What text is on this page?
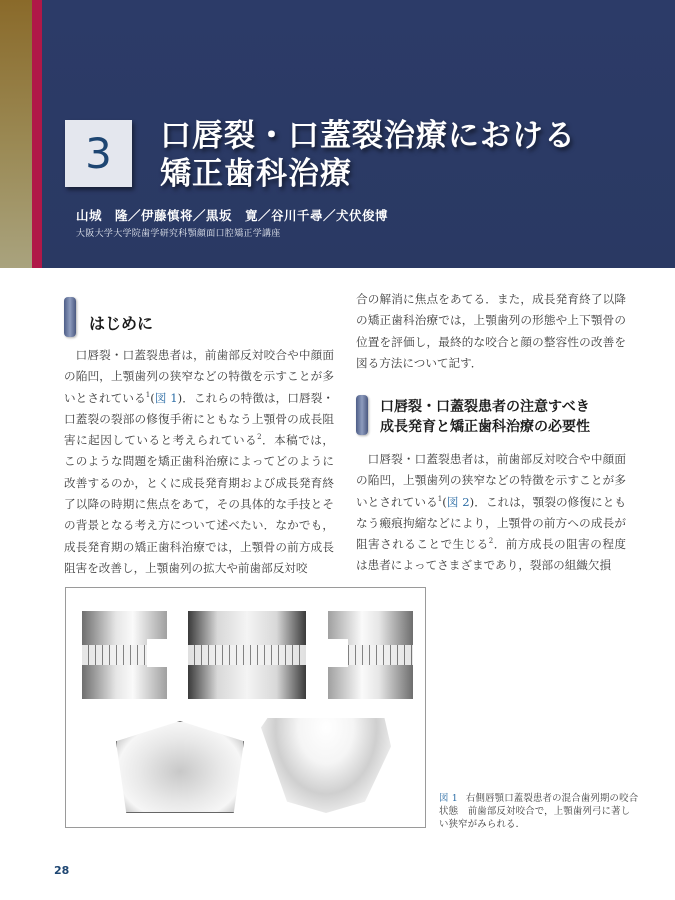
3 口唇裂・口蓋裂治療における
矯正歯科治療
山城　隆／伊藤慎将／黒坂　寛／谷川千尋／犬伏俊博
大阪大学大学院歯学研究科顎顔面口腔矯正学講座
はじめに

口唇裂・口蓋裂患者は，前歯部反対咬合や中顔面の陥凹，上顎歯列の狭窄などの特徴を示すことが多いとされている$^1$(図 1)．これらの特徴は，口唇裂・口蓋裂の裂部の修復手術にともなう上顎骨の成長阻害に起因していると考えられている$^2$．本稿では，このような問題を矯正歯科治療によってどのように改善するのか，とくに成長発育期および成長発育終了以降の時期に焦点をあて，その具体的な手技とその背景となる考え方について述べたい．なかでも，成長発育期の矯正歯科治療では，上顎骨の前方成長阻害を改善し，上顎歯列の拡大や前歯部反対咬

合の解消に焦点をあてる．また，成長発育終了以降の矯正歯科治療では，上顎歯列の形態や上下顎骨の位置を評価し，最終的な咬合と顔の整容性の改善を図る方法について記す．

口唇裂・口蓋裂患者の注意すべき
成長発育と矯正歯科治療の必要性

口唇裂・口蓋裂患者は，前歯部反対咬合や中顔面の陥凹，上顎歯列の狭窄などの特徴を示すことが多いとされている$^1$(図 2)．これは，顎裂の修復にともなう瘢痕拘縮などにより，上顎骨の前方への成長が阻害されることで生じる$^2$．前方成長の阻害の程度は患者によってさまざまであり，裂部の組織欠損

図 1 右側唇顎口蓋裂患者の混合歯列期の咬合状態　前歯部反対咬合で，上顎歯列弓に著しい狭窄がみられる．
28
